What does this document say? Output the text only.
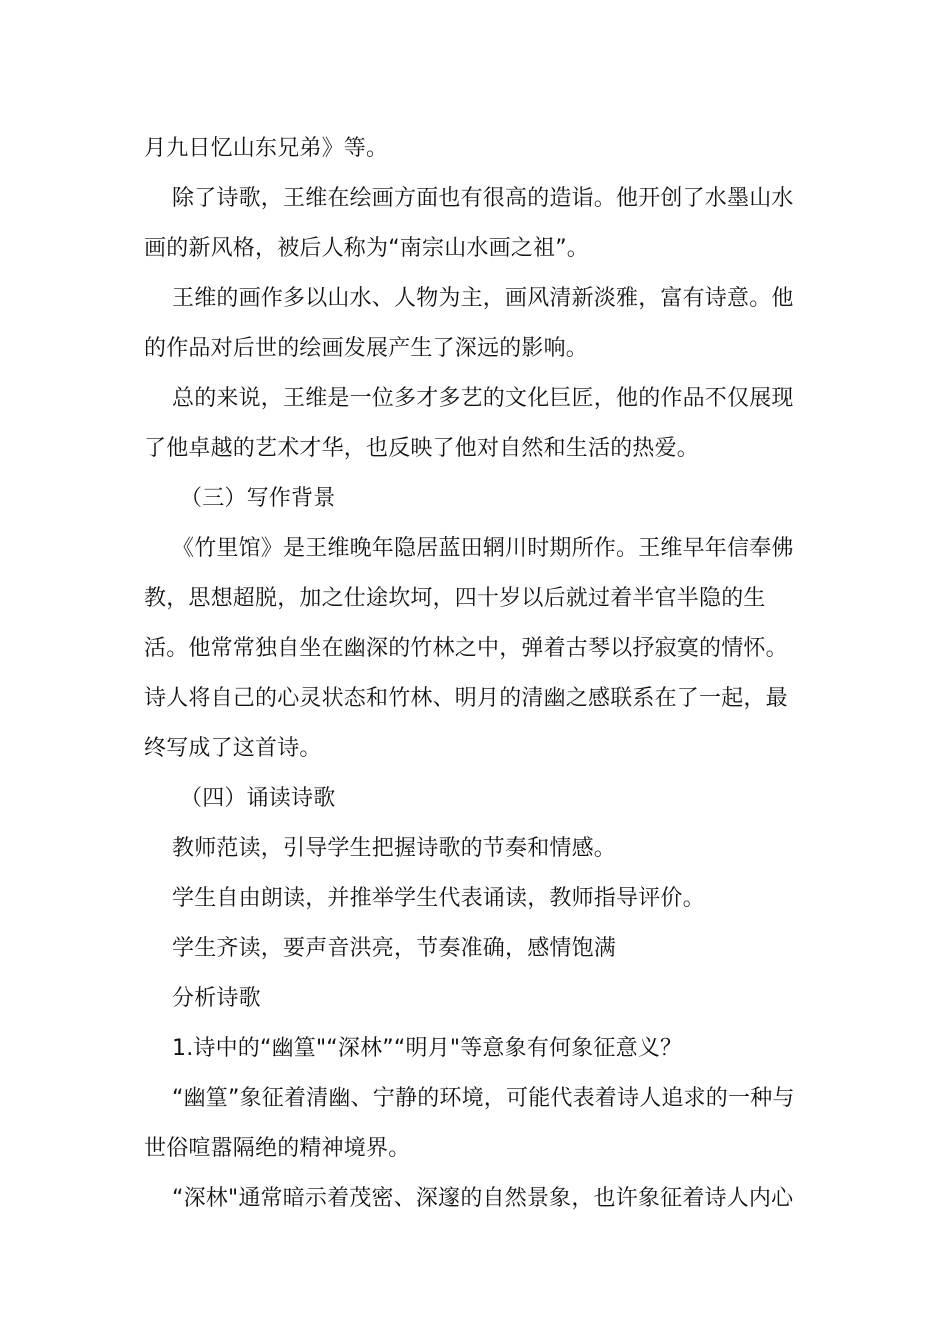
月九日忆山东兄弟》等。
除了诗歌，王维在绘画方面也有很高的造诣。他开创了水墨山水
画的新风格，被后人称为“南宗山水画之祖”。
王维的画作多以山水、人物为主，画风清新淡雅，富有诗意。他
的作品对后世的绘画发展产生了深远的影响。
总的来说，王维是一位多才多艺的文化巨匠，他的作品不仅展现
了他卓越的艺术才华，也反映了他对自然和生活的热爱。
（三）写作背景
《竹里馆》是王维晚年隐居蓝田辋川时期所作。王维早年信奉佛
教，思想超脱，加之仕途坎坷，四十岁以后就过着半官半隐的生
活。他常常独自坐在幽深的竹林之中，弹着古琴以抒寂寞的情怀。
诗人将自己的心灵状态和竹林、明月的清幽之感联系在了一起，最
终写成了这首诗。
（四）诵读诗歌
教师范读，引导学生把握诗歌的节奏和情感。
学生自由朗读，并推举学生代表诵读，教师指导评价。
学生齐读，要声音洪亮，节奏准确，感情饱满
分析诗歌
1.诗中的“幽篁"“深林”“明月"等意象有何象征意义？
“幽篁”象征着清幽、宁静的环境，可能代表着诗人追求的一种与
世俗喧嚣隔绝的精神境界。
“深林"通常暗示着茂密、深邃的自然景象，也许象征着诗人内心
